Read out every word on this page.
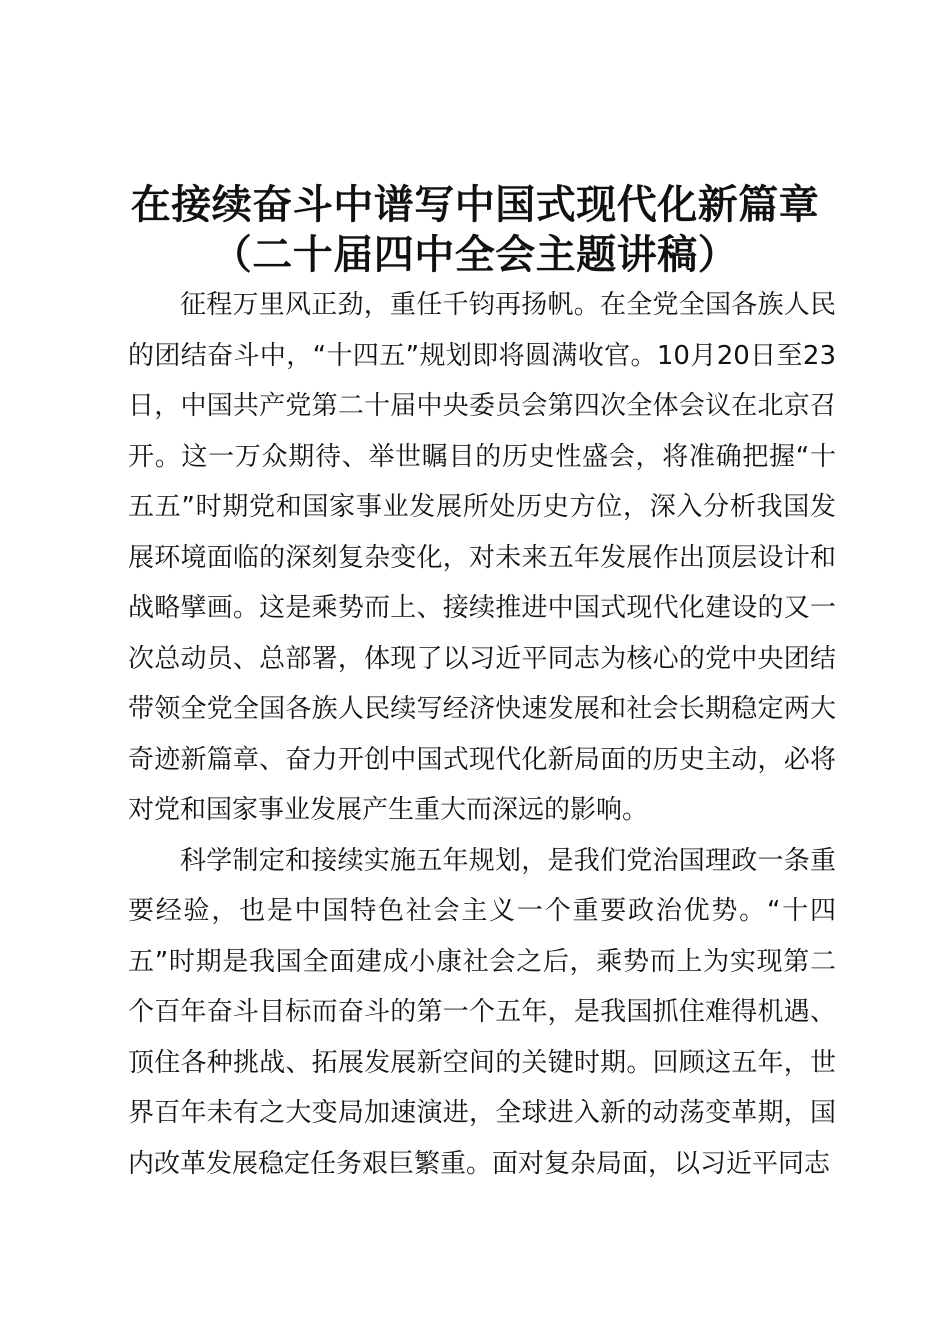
在接续奋斗中谱写中国式现代化新篇章
（二十届四中全会主题讲稿）

征程万里风正劲，重任千钧再扬帆。在全党全国各族人民的团结奋斗中，“十四五”规划即将圆满收官。10月20日至23日，中国共产党第二十届中央委员会第四次全体会议在北京召开。这一万众期待、举世瞩目的历史性盛会，将准确把握“十五五”时期党和国家事业发展所处历史方位，深入分析我国发展环境面临的深刻复杂变化，对未来五年发展作出顶层设计和战略擘画。这是乘势而上、接续推进中国式现代化建设的又一次总动员、总部署，体现了以习近平同志为核心的党中央团结带领全党全国各族人民续写经济快速发展和社会长期稳定两大奇迹新篇章、奋力开创中国式现代化新局面的历史主动，必将对党和国家事业发展产生重大而深远的影响。

科学制定和接续实施五年规划，是我们党治国理政一条重要经验，也是中国特色社会主义一个重要政治优势。“十四五”时期是我国全面建成小康社会之后，乘势而上为实现第二个百年奋斗目标而奋斗的第一个五年，是我国抓住难得机遇、顶住各种挑战、拓展发展新空间的关键时期。回顾这五年，世界百年未有之大变局加速演进，全球进入新的动荡变革期，国内改革发展稳定任务艰巨繁重。面对复杂局面，以习近平同志
